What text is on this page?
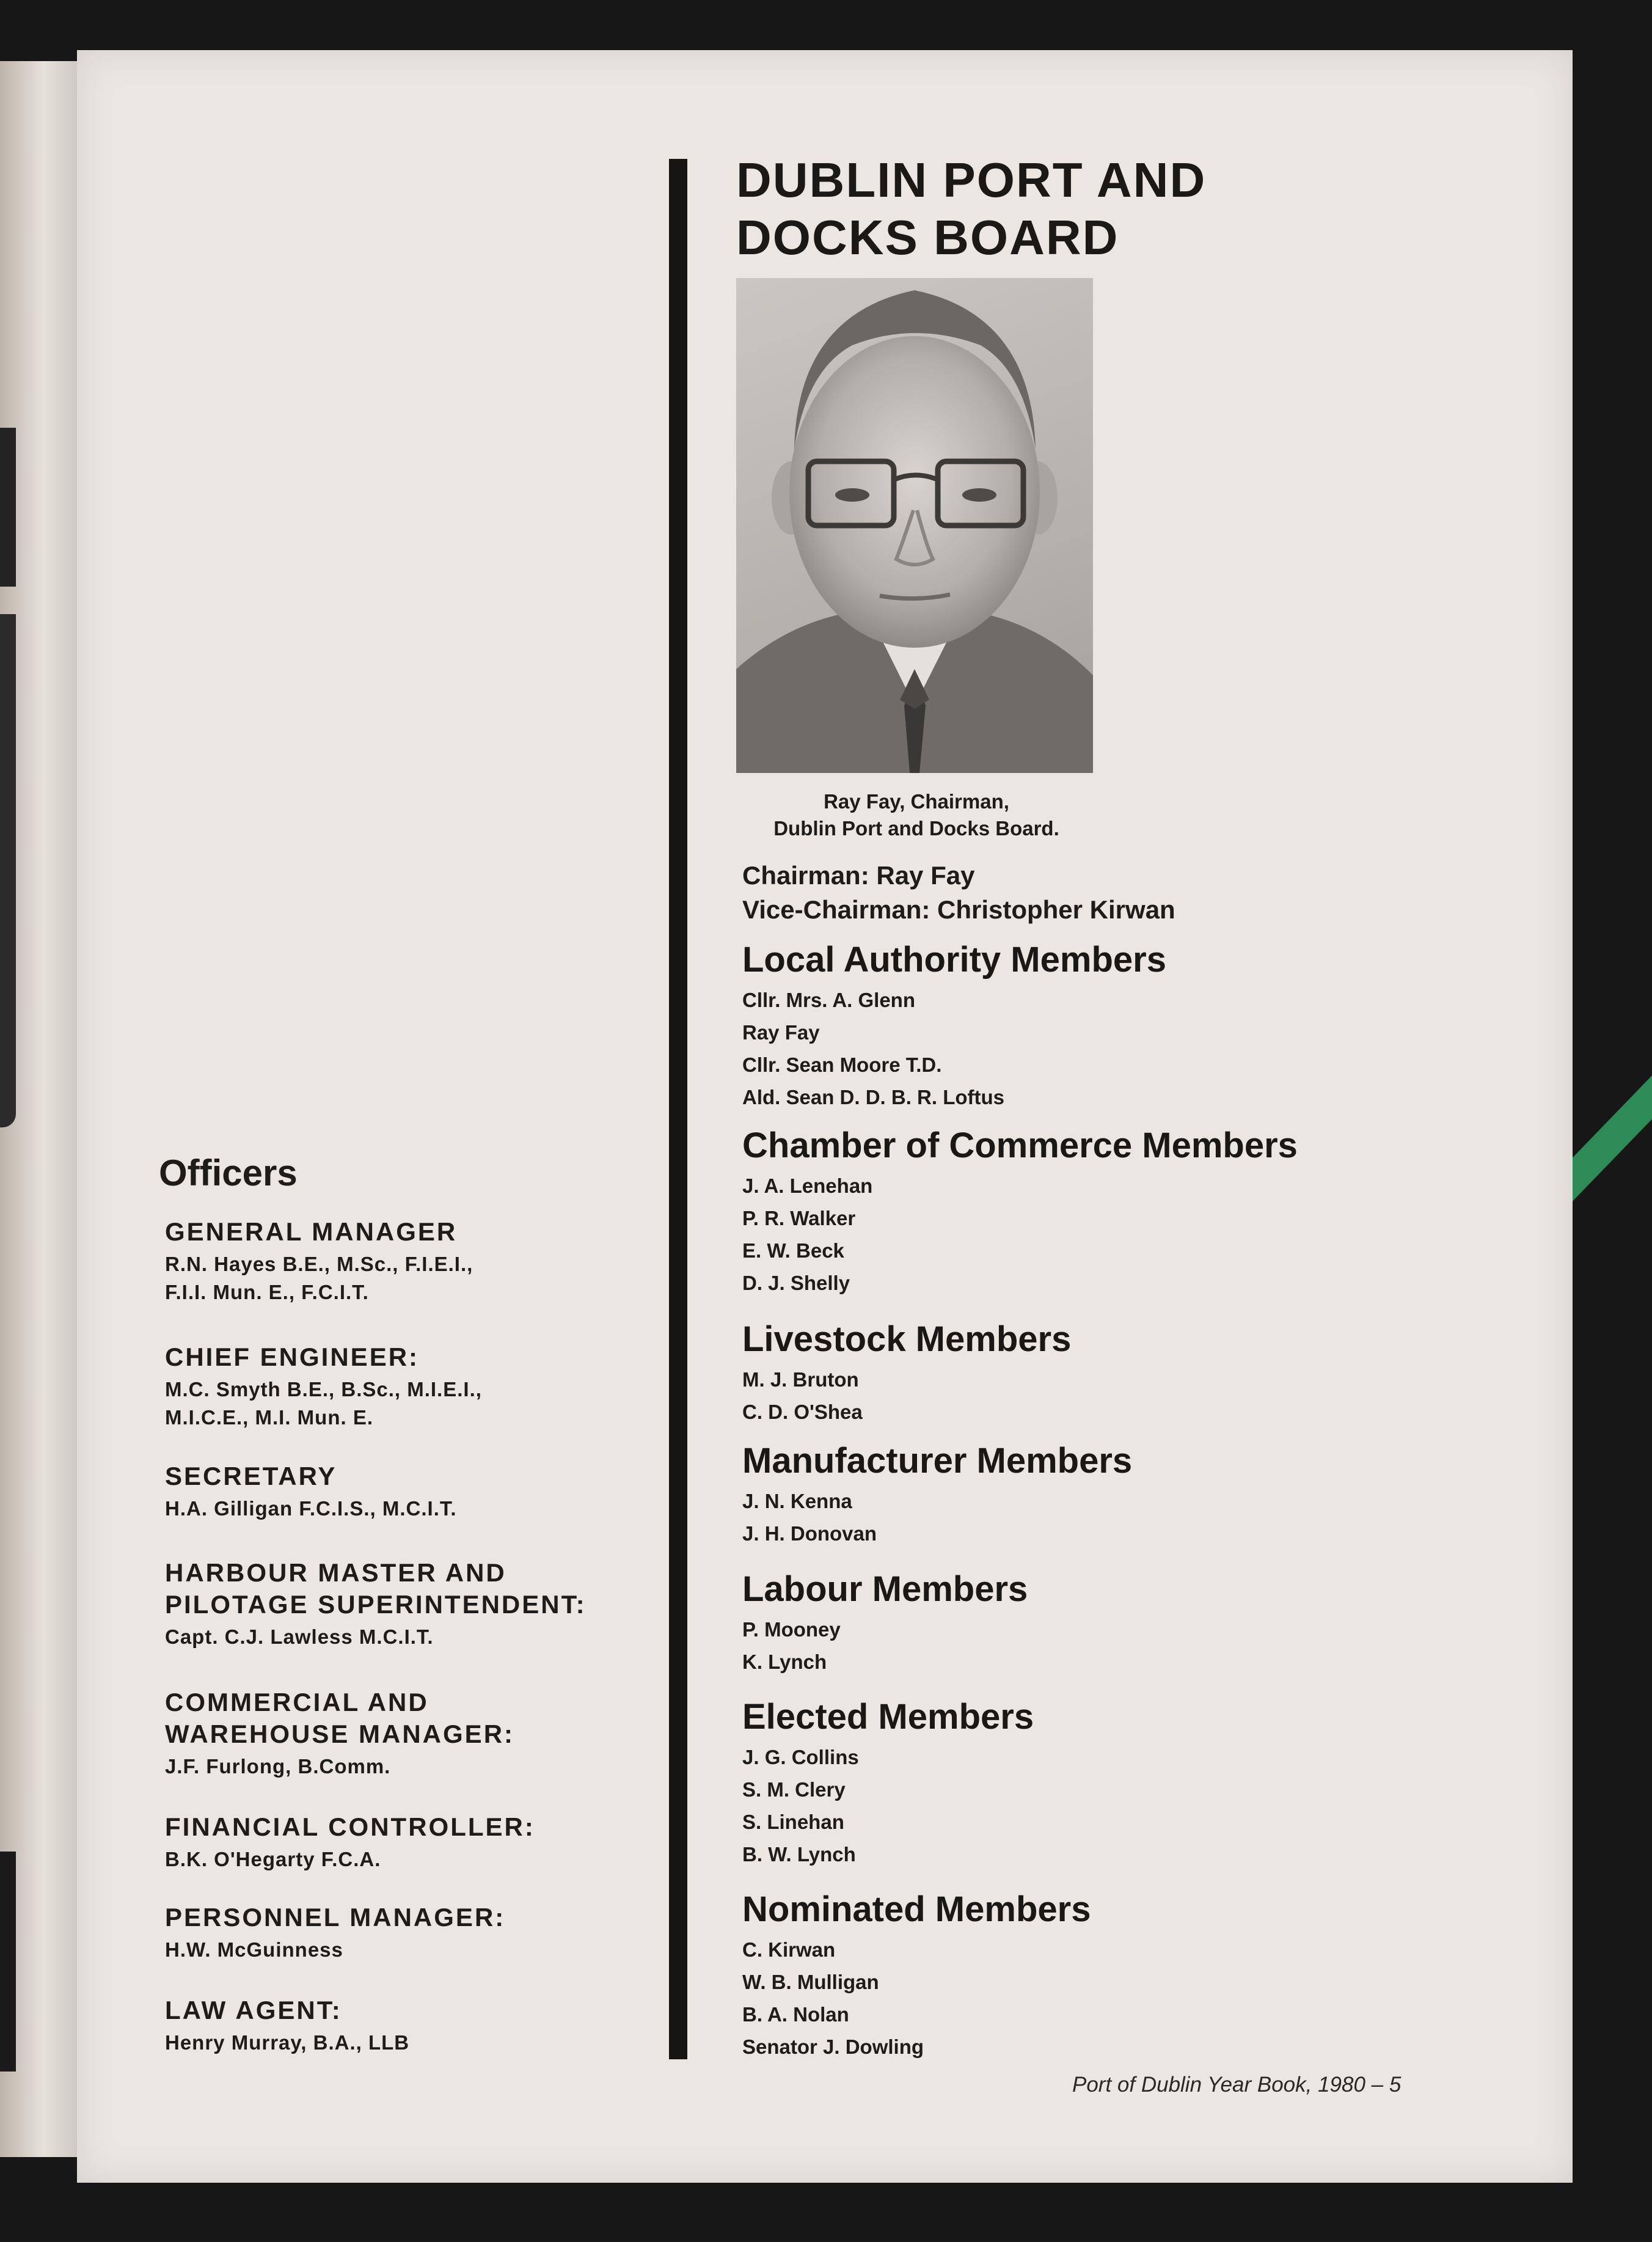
DUBLIN PORT AND
DOCKS BOARD
Ray Fay, Chairman,
Dublin Port and Docks Board.
Chairman: Ray Fay
Vice-Chairman: Christopher Kirwan
Local Authority Members
Cllr. Mrs. A. Glenn
Ray Fay
Cllr. Sean Moore T.D.
Ald. Sean D. D. B. R. Loftus
Chamber of Commerce Members
J. A. Lenehan
P. R. Walker
E. W. Beck
D. J. Shelly
Livestock Members
M. J. Bruton
C. D. O'Shea
Manufacturer Members
J. N. Kenna
J. H. Donovan
Labour Members
P. Mooney
K. Lynch
Elected Members
J. G. Collins
S. M. Clery
S. Linehan
B. W. Lynch
Nominated Members
C. Kirwan
W. B. Mulligan
B. A. Nolan
Senator J. Dowling
Officers
GENERAL MANAGER
R.N. Hayes B.E., M.Sc., F.I.E.I.,
F.I.I. Mun. E., F.C.I.T.
CHIEF ENGINEER:
M.C. Smyth B.E., B.Sc., M.I.E.I.,
M.I.C.E., M.I. Mun. E.
SECRETARY
H.A. Gilligan F.C.I.S., M.C.I.T.
HARBOUR MASTER AND
PILOTAGE SUPERINTENDENT:
Capt. C.J. Lawless M.C.I.T.
COMMERCIAL AND
WAREHOUSE MANAGER:
J.F. Furlong, B.Comm.
FINANCIAL CONTROLLER:
B.K. O'Hegarty F.C.A.
PERSONNEL MANAGER:
H.W. McGuinness
LAW AGENT:
Henry Murray, B.A., LLB
Port of Dublin Year Book, 1980 – 5
